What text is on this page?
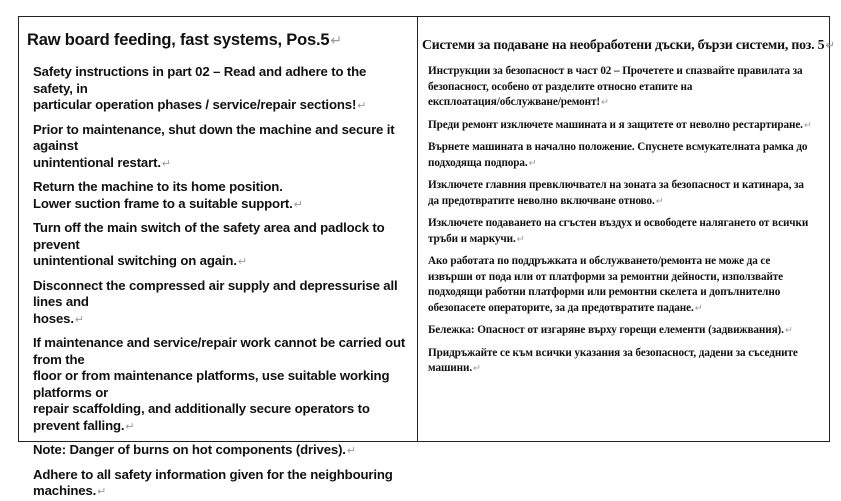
Raw board feeding, fast systems, Pos.5↵
Safety instructions in part 02 – Read and adhere to the safety, in
particular operation phases / service/repair sections!↵
Prior to maintenance, shut down the machine and secure it against
unintentional restart.↵
Return the machine to its home position.
Lower suction frame to a suitable support.↵
Turn off the main switch of the safety area and padlock to prevent
unintentional switching on again.↵
Disconnect the compressed air supply and depressurise all lines and
hoses.↵
If maintenance and service/repair work cannot be carried out from the
floor or from maintenance platforms, use suitable working platforms or
repair scaffolding, and additionally secure operators to prevent falling.↵
Note: Danger of burns on hot components (drives).↵
Adhere to all safety information given for the neighbouring machines.↵
Системи за подаване на необработени дъски, бързи системи, поз. 5↵
Инструкции за безопасност в част 02 – Прочетете и спазвайте правилата за
безопасност, особено от разделите относно етапите на
експлоатация/обслужване/ремонт!↵
Преди ремонт изключете машината и я защитете от неволно рестартиране.↵
Върнете машината в начално положение. Спуснете всмукателната рамка до
подходяща подпора.↵
Изключете главния превключвател на зоната за безопасност и катинара, за
да предотвратите неволно включване отново.↵
Изключете подаването на сгъстен въздух и освободете налягането от всички
тръби и маркучи.↵
Ако работата по поддръжката и обслужването/ремонта не може да се
извърши от пода или от платформи за ремонтни дейности, използвайте
подходящи работни платформи или ремонтни скелета и допълнително
обезопасете операторите, за да предотвратите падане.↵
Бележка: Опасност от изгаряне върху горещи елементи (задвижвания).↵
Придръжайте се към всички указания за безопасност, дадени за съседните
машини.↵
